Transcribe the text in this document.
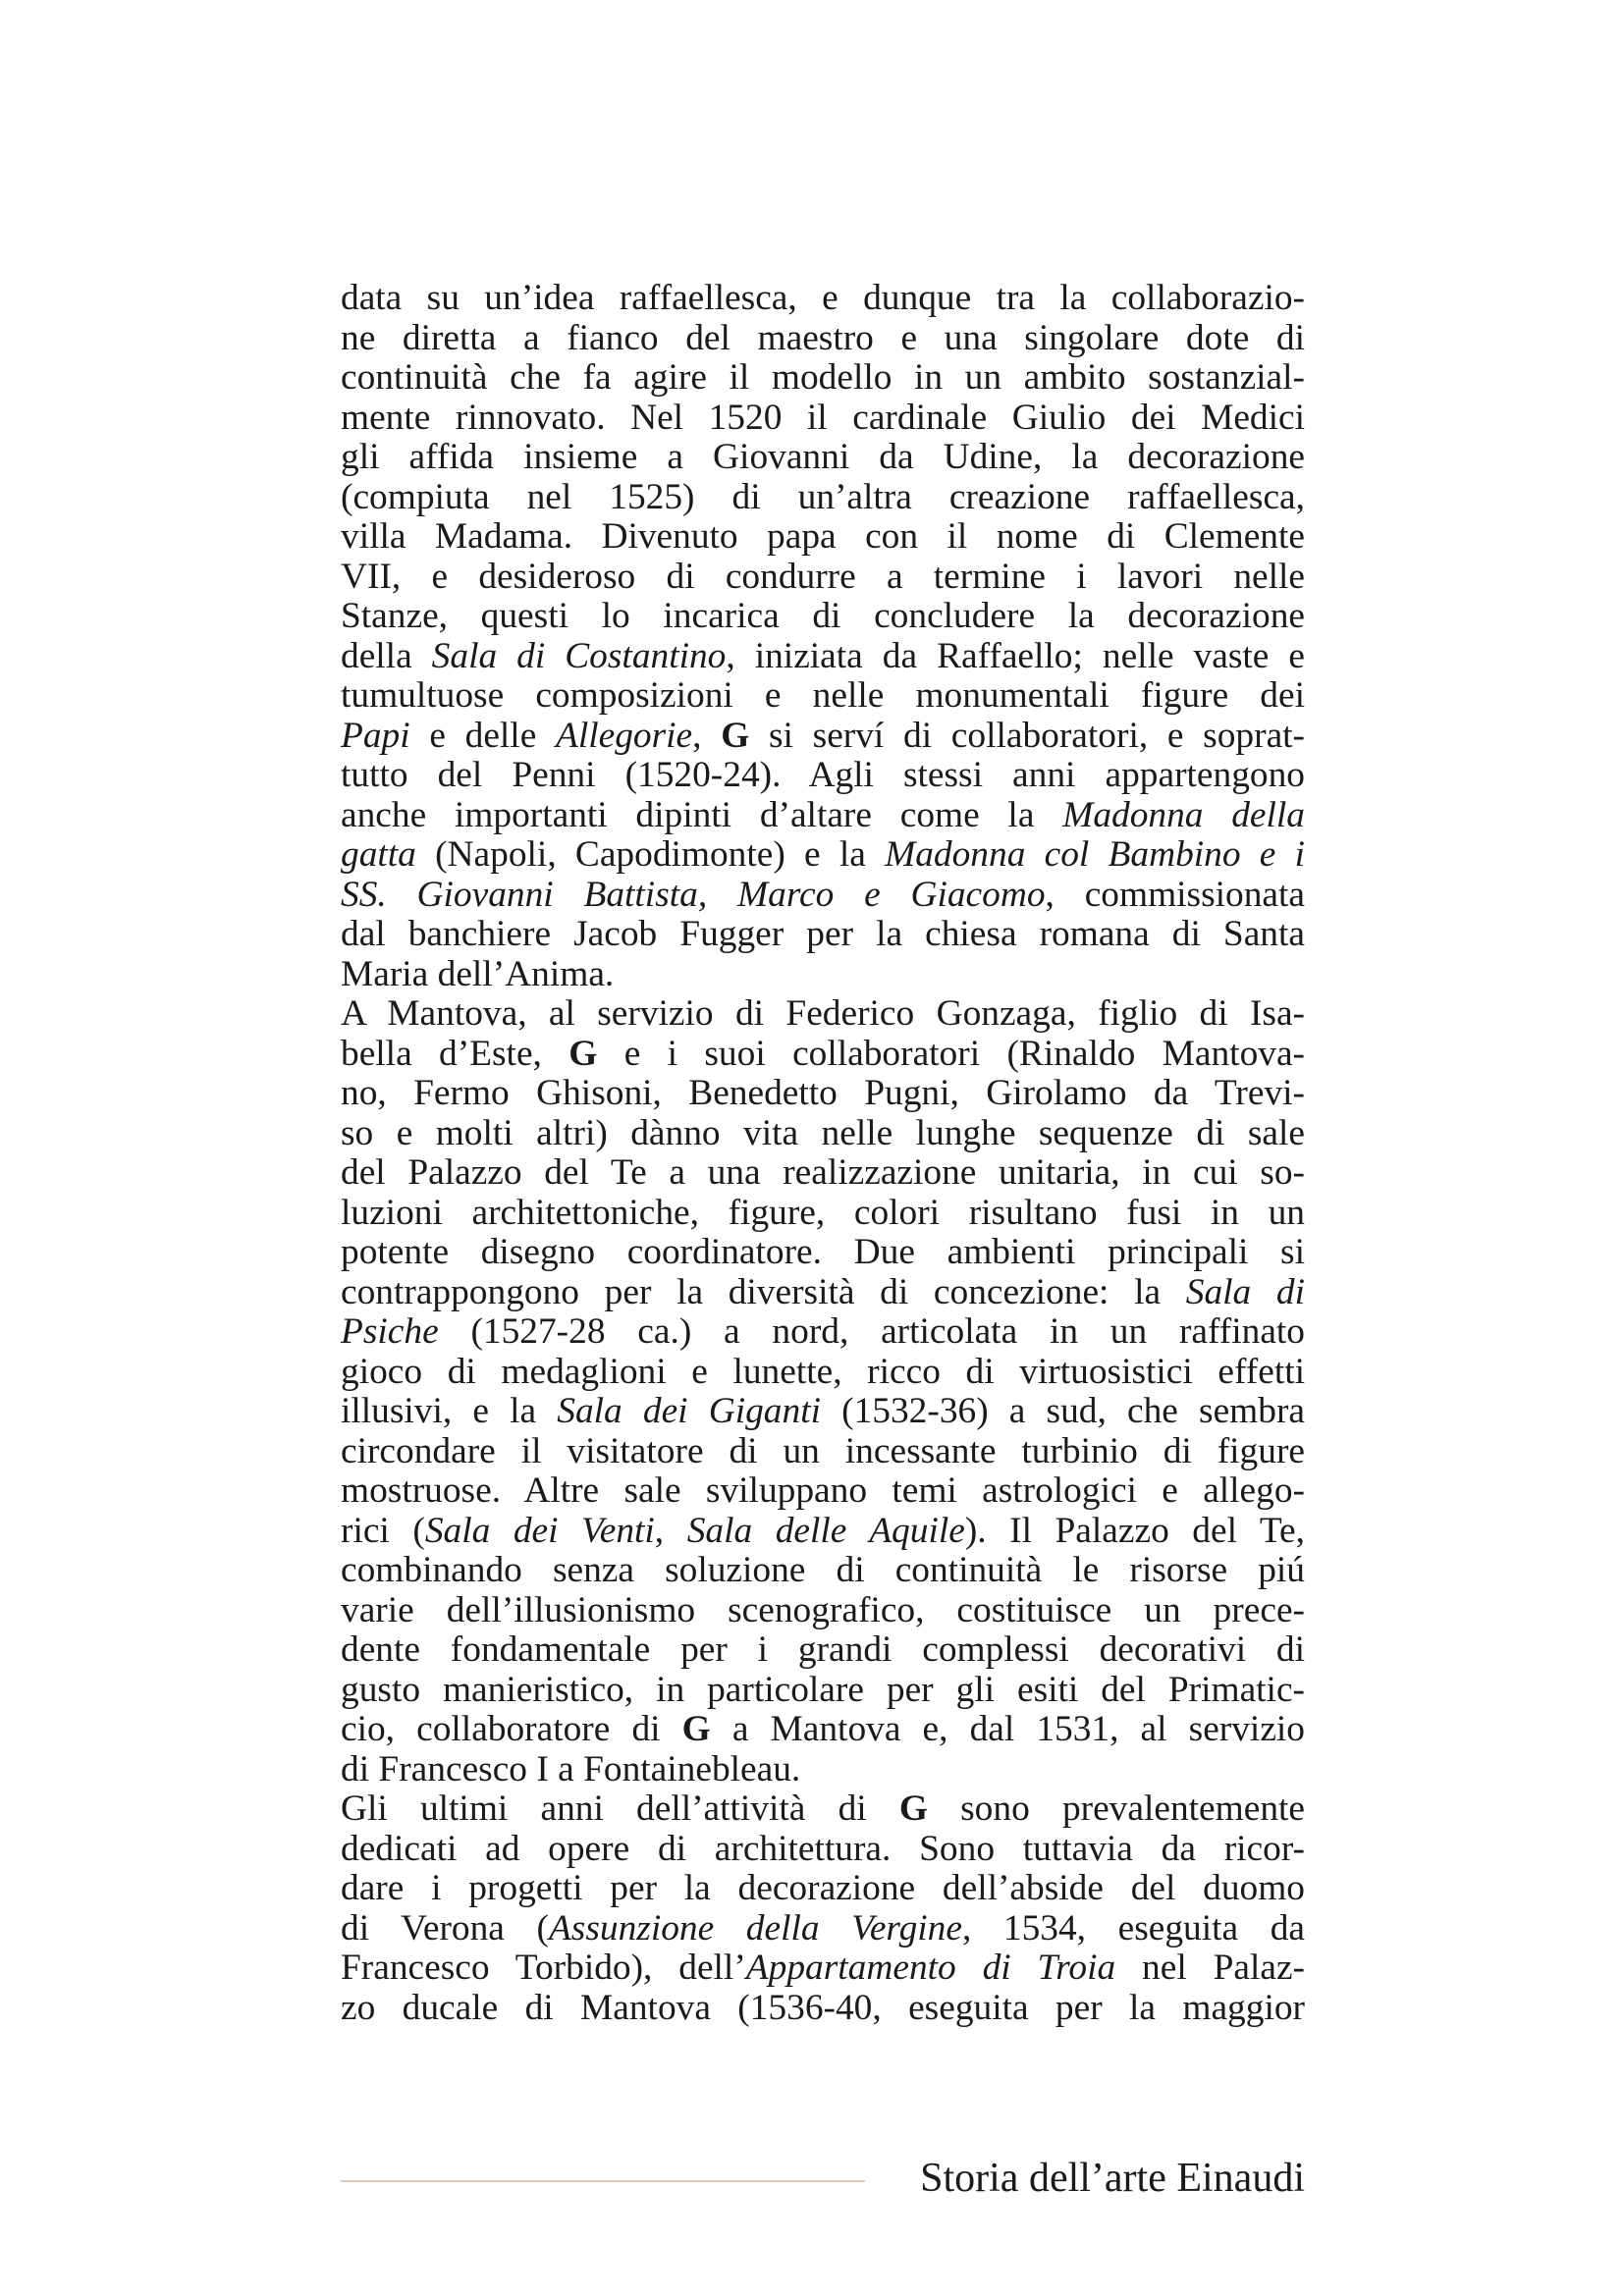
data su un’idea raffaellesca, e dunque tra la collaborazio-
ne diretta a fianco del maestro e una singolare dote di
continuità che fa agire il modello in un ambito sostanzial-
mente rinnovato. Nel 1520 il cardinale Giulio dei Medici
gli affida insieme a Giovanni da Udine, la decorazione
(compiuta nel 1525) di un’altra creazione raffaellesca,
villa Madama. Divenuto papa con il nome di Clemente
VII, e desideroso di condurre a termine i lavori nelle
Stanze, questi lo incarica di concludere la decorazione
della Sala di Costantino, iniziata da Raffaello; nelle vaste e
tumultuose composizioni e nelle monumentali figure dei
Papi e delle Allegorie, G si serví di collaboratori, e soprat-
tutto del Penni (1520-24). Agli stessi anni appartengono
anche importanti dipinti d’altare come la Madonna della
gatta (Napoli, Capodimonte) e la Madonna col Bambino e i
SS. Giovanni Battista, Marco e Giacomo, commissionata
dal banchiere Jacob Fugger per la chiesa romana di Santa
Maria dell’Anima.
A Mantova, al servizio di Federico Gonzaga, figlio di Isa-
bella d’Este, G e i suoi collaboratori (Rinaldo Mantova-
no, Fermo Ghisoni, Benedetto Pugni, Girolamo da Trevi-
so e molti altri) dànno vita nelle lunghe sequenze di sale
del Palazzo del Te a una realizzazione unitaria, in cui so-
luzioni architettoniche, figure, colori risultano fusi in un
potente disegno coordinatore. Due ambienti principali si
contrappongono per la diversità di concezione: la Sala di
Psiche (1527-28 ca.) a nord, articolata in un raffinato
gioco di medaglioni e lunette, ricco di virtuosistici effetti
illusivi, e la Sala dei Giganti (1532-36) a sud, che sembra
circondare il visitatore di un incessante turbinio di figure
mostruose. Altre sale sviluppano temi astrologici e allego-
rici (Sala dei Venti, Sala delle Aquile). Il Palazzo del Te,
combinando senza soluzione di continuità le risorse piú
varie dell’illusionismo scenografico, costituisce un prece-
dente fondamentale per i grandi complessi decorativi di
gusto manieristico, in particolare per gli esiti del Primatic-
cio, collaboratore di G a Mantova e, dal 1531, al servizio
di Francesco I a Fontainebleau.
Gli ultimi anni dell’attività di G sono prevalentemente
dedicati ad opere di architettura. Sono tuttavia da ricor-
dare i progetti per la decorazione dell’abside del duomo
di Verona (Assunzione della Vergine, 1534, eseguita da
Francesco Torbido), dell’Appartamento di Troia nel Palaz-
zo ducale di Mantova (1536-40, eseguita per la maggior
Storia dell’arte Einaudi
